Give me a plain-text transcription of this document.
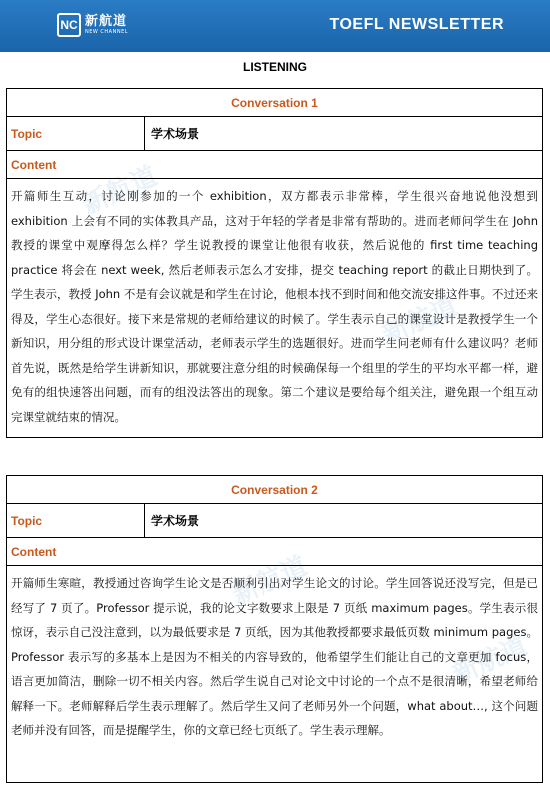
NC 新航道
NEW CHANNEL	TOEFL NEWSLETTER
新航道
新航道
新航道
新航道
LISTENING
Conversation 1
Topic	学术场景
Content
开篇师生互动，讨论刚参加的一个 exhibition，双方都表示非常棒，学生很兴奋地说他没想到 exhibition 上会有不同的实体教具产品，这对于年轻的学者是非常有帮助的。进而老师问学生在 John 教授的课堂中观摩得怎么样？学生说教授的课堂让他很有收获，然后说他的 first time teaching practice 将会在 next week, 然后老师表示怎么才安排，提交 teaching report 的截止日期快到了。学生表示，教授 John 不是有会议就是和学生在讨论，他根本找不到时间和他交流安排这件事。不过还来得及，学生心态很好。接下来是常规的老师给建议的时候了。学生表示自己的课堂设计是教授学生一个新知识，用分组的形式设计课堂活动，老师表示学生的选题很好。进而学生问老师有什么建议吗？老师首先说，既然是给学生讲新知识，那就要注意分组的时候确保每一个组里的学生的平均水平都一样，避免有的组快速答出问题，而有的组没法答出的现象。第二个建议是要给每个组关注，避免跟一个组互动完课堂就结束的情况。
Conversation 2
Topic	学术场景
Content
开篇师生寒暄，教授通过咨询学生论文是否顺利引出对学生论文的讨论。学生回答说还没写完，但是已经写了 7 页了。Professor 提示说，我的论文字数要求上限是 7 页纸 maximum pages。学生表示很惊讶，表示自己没注意到，以为最低要求是 7 页纸，因为其他教授都要求最低页数 minimum pages。Professor 表示写的多基本上是因为不相关的内容导致的，他希望学生们能让自己的文章更加 focus，语言更加简洁，删除一切不相关内容。然后学生说自己对论文中讨论的一个点不是很清晰，希望老师给解释一下。老师解释后学生表示理解了。然后学生又问了老师另外一个问题，what about…, 这个问题老师并没有回答，而是提醒学生，你的文章已经七页纸了。学生表示理解。
